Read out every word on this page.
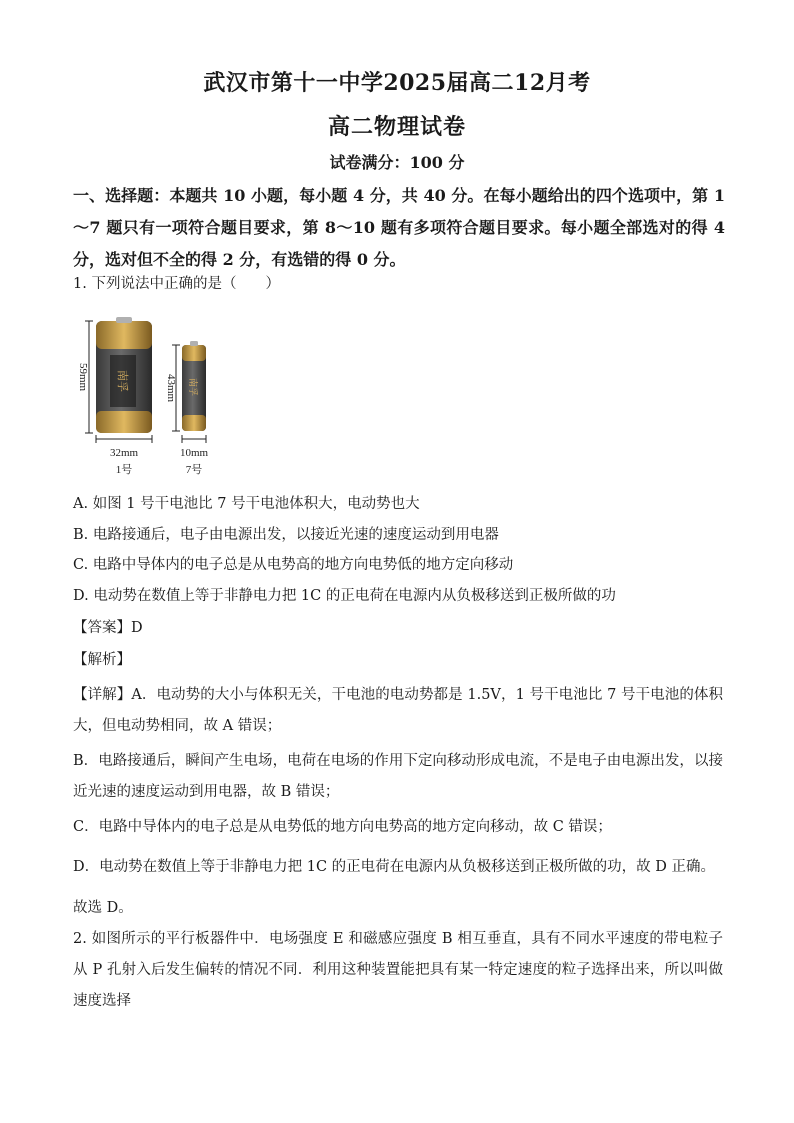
武汉市第十一中学2025届高二12月考
高二物理试卷
试卷满分：100 分
一、选择题：本题共 10 小题，每小题 4 分，共 40 分。在每小题给出的四个选项中，第 1～7 题只有一项符合题目要求，第 8～10 题有多项符合题目要求。每小题全部选对的得 4 分，选对但不全的得 2 分，有选错的得 0 分。
1. 下列说法中正确的是（　　）
南孚
59mm
32mm
1号
南孚
43mm
10mm
7号
A. 如图 1 号干电池比 7 号干电池体积大，电动势也大
B. 电路接通后，电子由电源出发，以接近光速的速度运动到用电器
C. 电路中导体内的电子总是从电势高的地方向电势低的地方定向移动
D. 电动势在数值上等于非静电力把 1C 的正电荷在电源内从负极移送到正极所做的功
【答案】D
【解析】
【详解】A．电动势的大小与体积无关，干电池的电动势都是 1.5V，1 号干电池比 7 号干电池的体积大，但电动势相同，故 A 错误；
B．电路接通后，瞬间产生电场，电荷在电场的作用下定向移动形成电流，不是电子由电源出发，以接近光速的速度运动到用电器，故 B 错误；
C．电路中导体内的电子总是从电势低的地方向电势高的地方定向移动，故 C 错误；
D．电动势在数值上等于非静电力把 1C 的正电荷在电源内从负极移送到正极所做的功，故 D 正确。
故选 D。
2. 如图所示的平行板器件中．电场强度 E 和磁感应强度 B 相互垂直，具有不同水平速度的带电粒子从 P 孔射入后发生偏转的情况不同．利用这种装置能把具有某一特定速度的粒子选择出来，所以叫做速度选择
